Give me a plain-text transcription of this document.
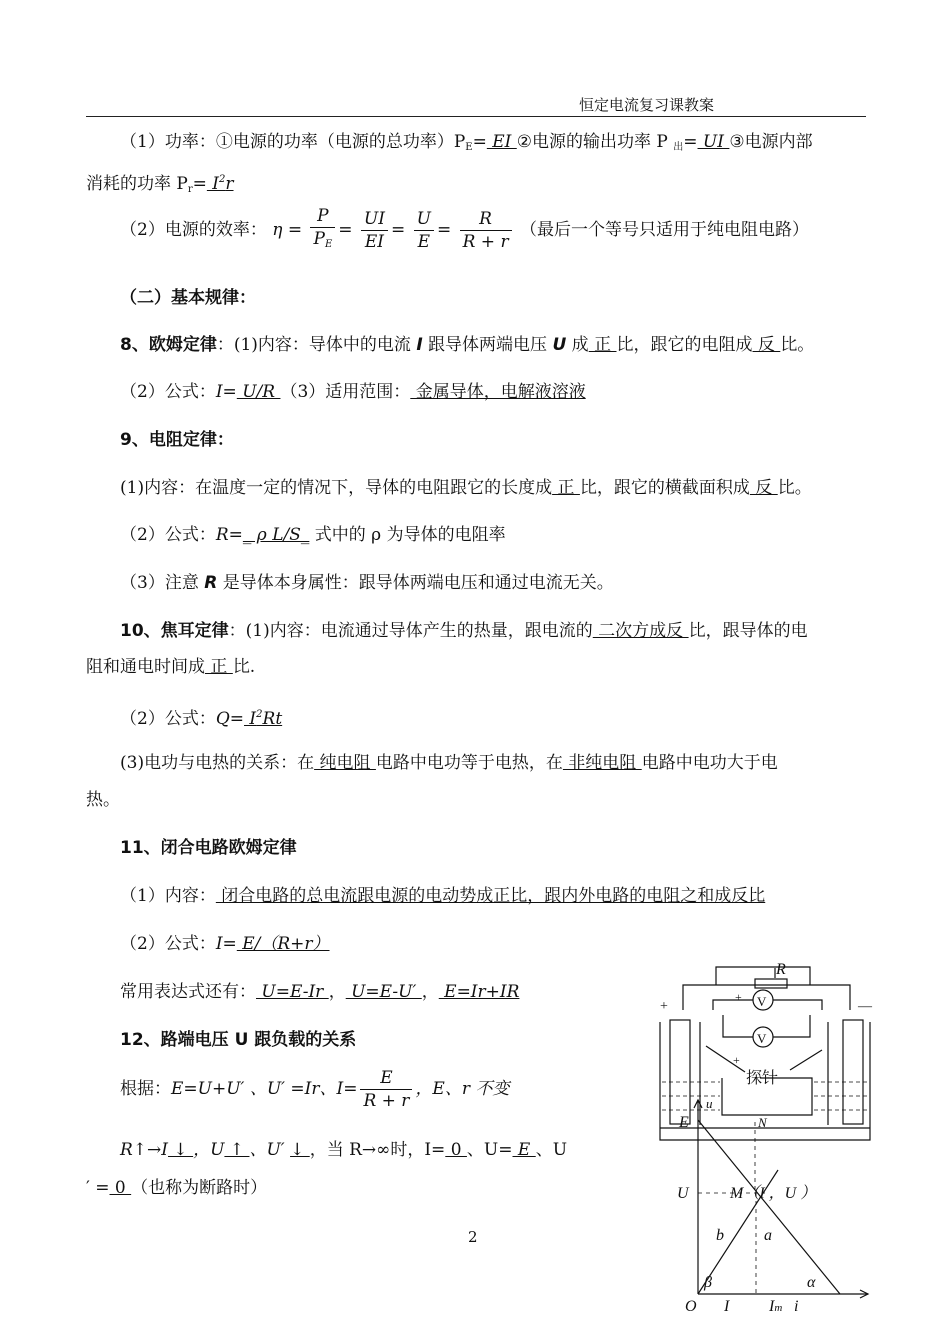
恒定电流复习课教案
（1）功率：①电源的功率（电源的总功率）$P_E=$ EI ②电源的输出功率 P $_出$= UI ③电源内部
消耗的功率 $P_r= I^2r$
（2）电源的效率： $\eta = \frac{P}{P_E} = \frac{UI}{EI} = \frac{U}{E} = \frac{R}{R + r}$ （最后一个等号只适用于纯电阻电路）
（二）基本规律：
8、欧姆定律：(1)内容：导体中的电流 I 跟导体两端电压 U 成 正 比，跟它的电阻成 反 比。
（2）公式：I= U/R （3）适用范围： 金属导体，电解液溶液
9、电阻定律：
(1)内容：在温度一定的情况下，导体的电阻跟它的长度成 正 比，跟它的横截面积成 反 比。
（2）公式：R=_ ρ L/S_ 式中的 ρ 为导体的电阻率
（3）注意 R 是导体本身属性：跟导体两端电压和通过电流无关。
10、焦耳定律：(1)内容：电流通过导体产生的热量，跟电流的 二次方成反 比，跟导体的电
阻和通电时间成 正 比.
（2）公式：$Q= I^2Rt$
(3)电功与电热的关系：在 纯电阻 电路中电功等于电热，在 非纯电阻 电路中电功大于电
热。
11、闭合电路欧姆定律
（1）内容： 闭合电路的总电流跟电源的电动势成正比，跟内外电路的电阻之和成反比
（2）公式：I= E/（R+r）
常用表达式还有： U=E-Ir ， U=E-U′ ， E=Ir+IR
12、路端电压 U 跟负载的关系
根据：E=U+U′ 、U′ =Ir、$I= \frac{E}{R + r}$ ，E、r 不变
R↑→I ↓ ，U ↑ 、U′ ↓ ，当 R→∞时，I= 0 、U= E 、U
′ = 0 （也称为断路时）
R
V
V
+
+
+
—
探针
u
E	N
U	M（I ，U ）
b	a
β	α
O I Im i
2
